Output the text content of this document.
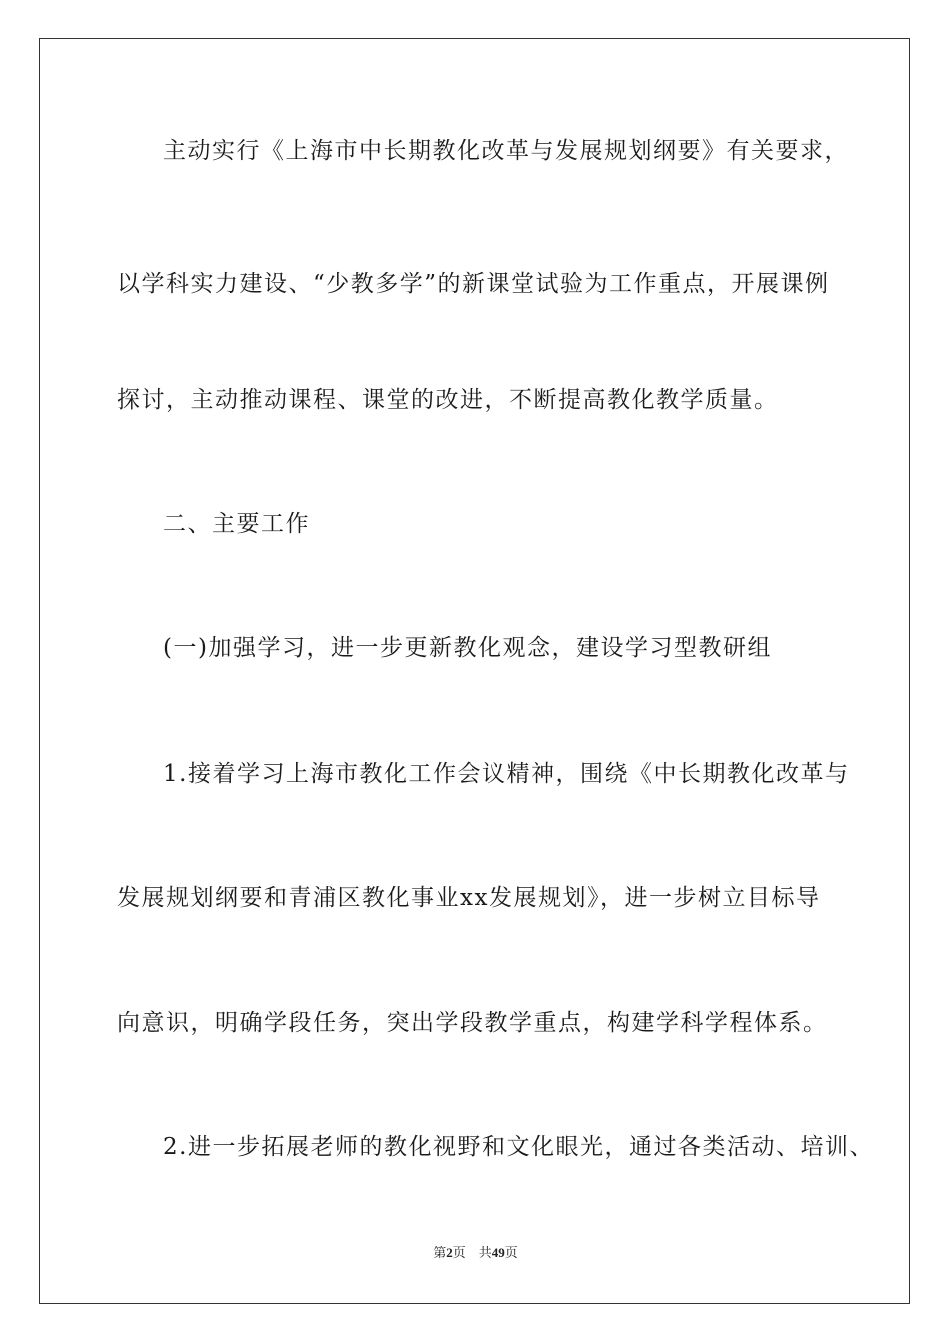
主动实行《上海市中长期教化改革与发展规划纲要》有关要求，
以学科实力建设、“少教多学”的新课堂试验为工作重点，开展课例
探讨，主动推动课程、课堂的改进，不断提高教化教学质量。
二、主要工作
(一)加强学习，进一步更新教化观念，建设学习型教研组
1.接着学习上海市教化工作会议精神，围绕《中长期教化改革与
发展规划纲要和青浦区教化事业xx发展规划》，进一步树立目标导
向意识，明确学段任务，突出学段教学重点，构建学科学程体系。
2.进一步拓展老师的教化视野和文化眼光，通过各类活动、培训、
第2页 共49页
